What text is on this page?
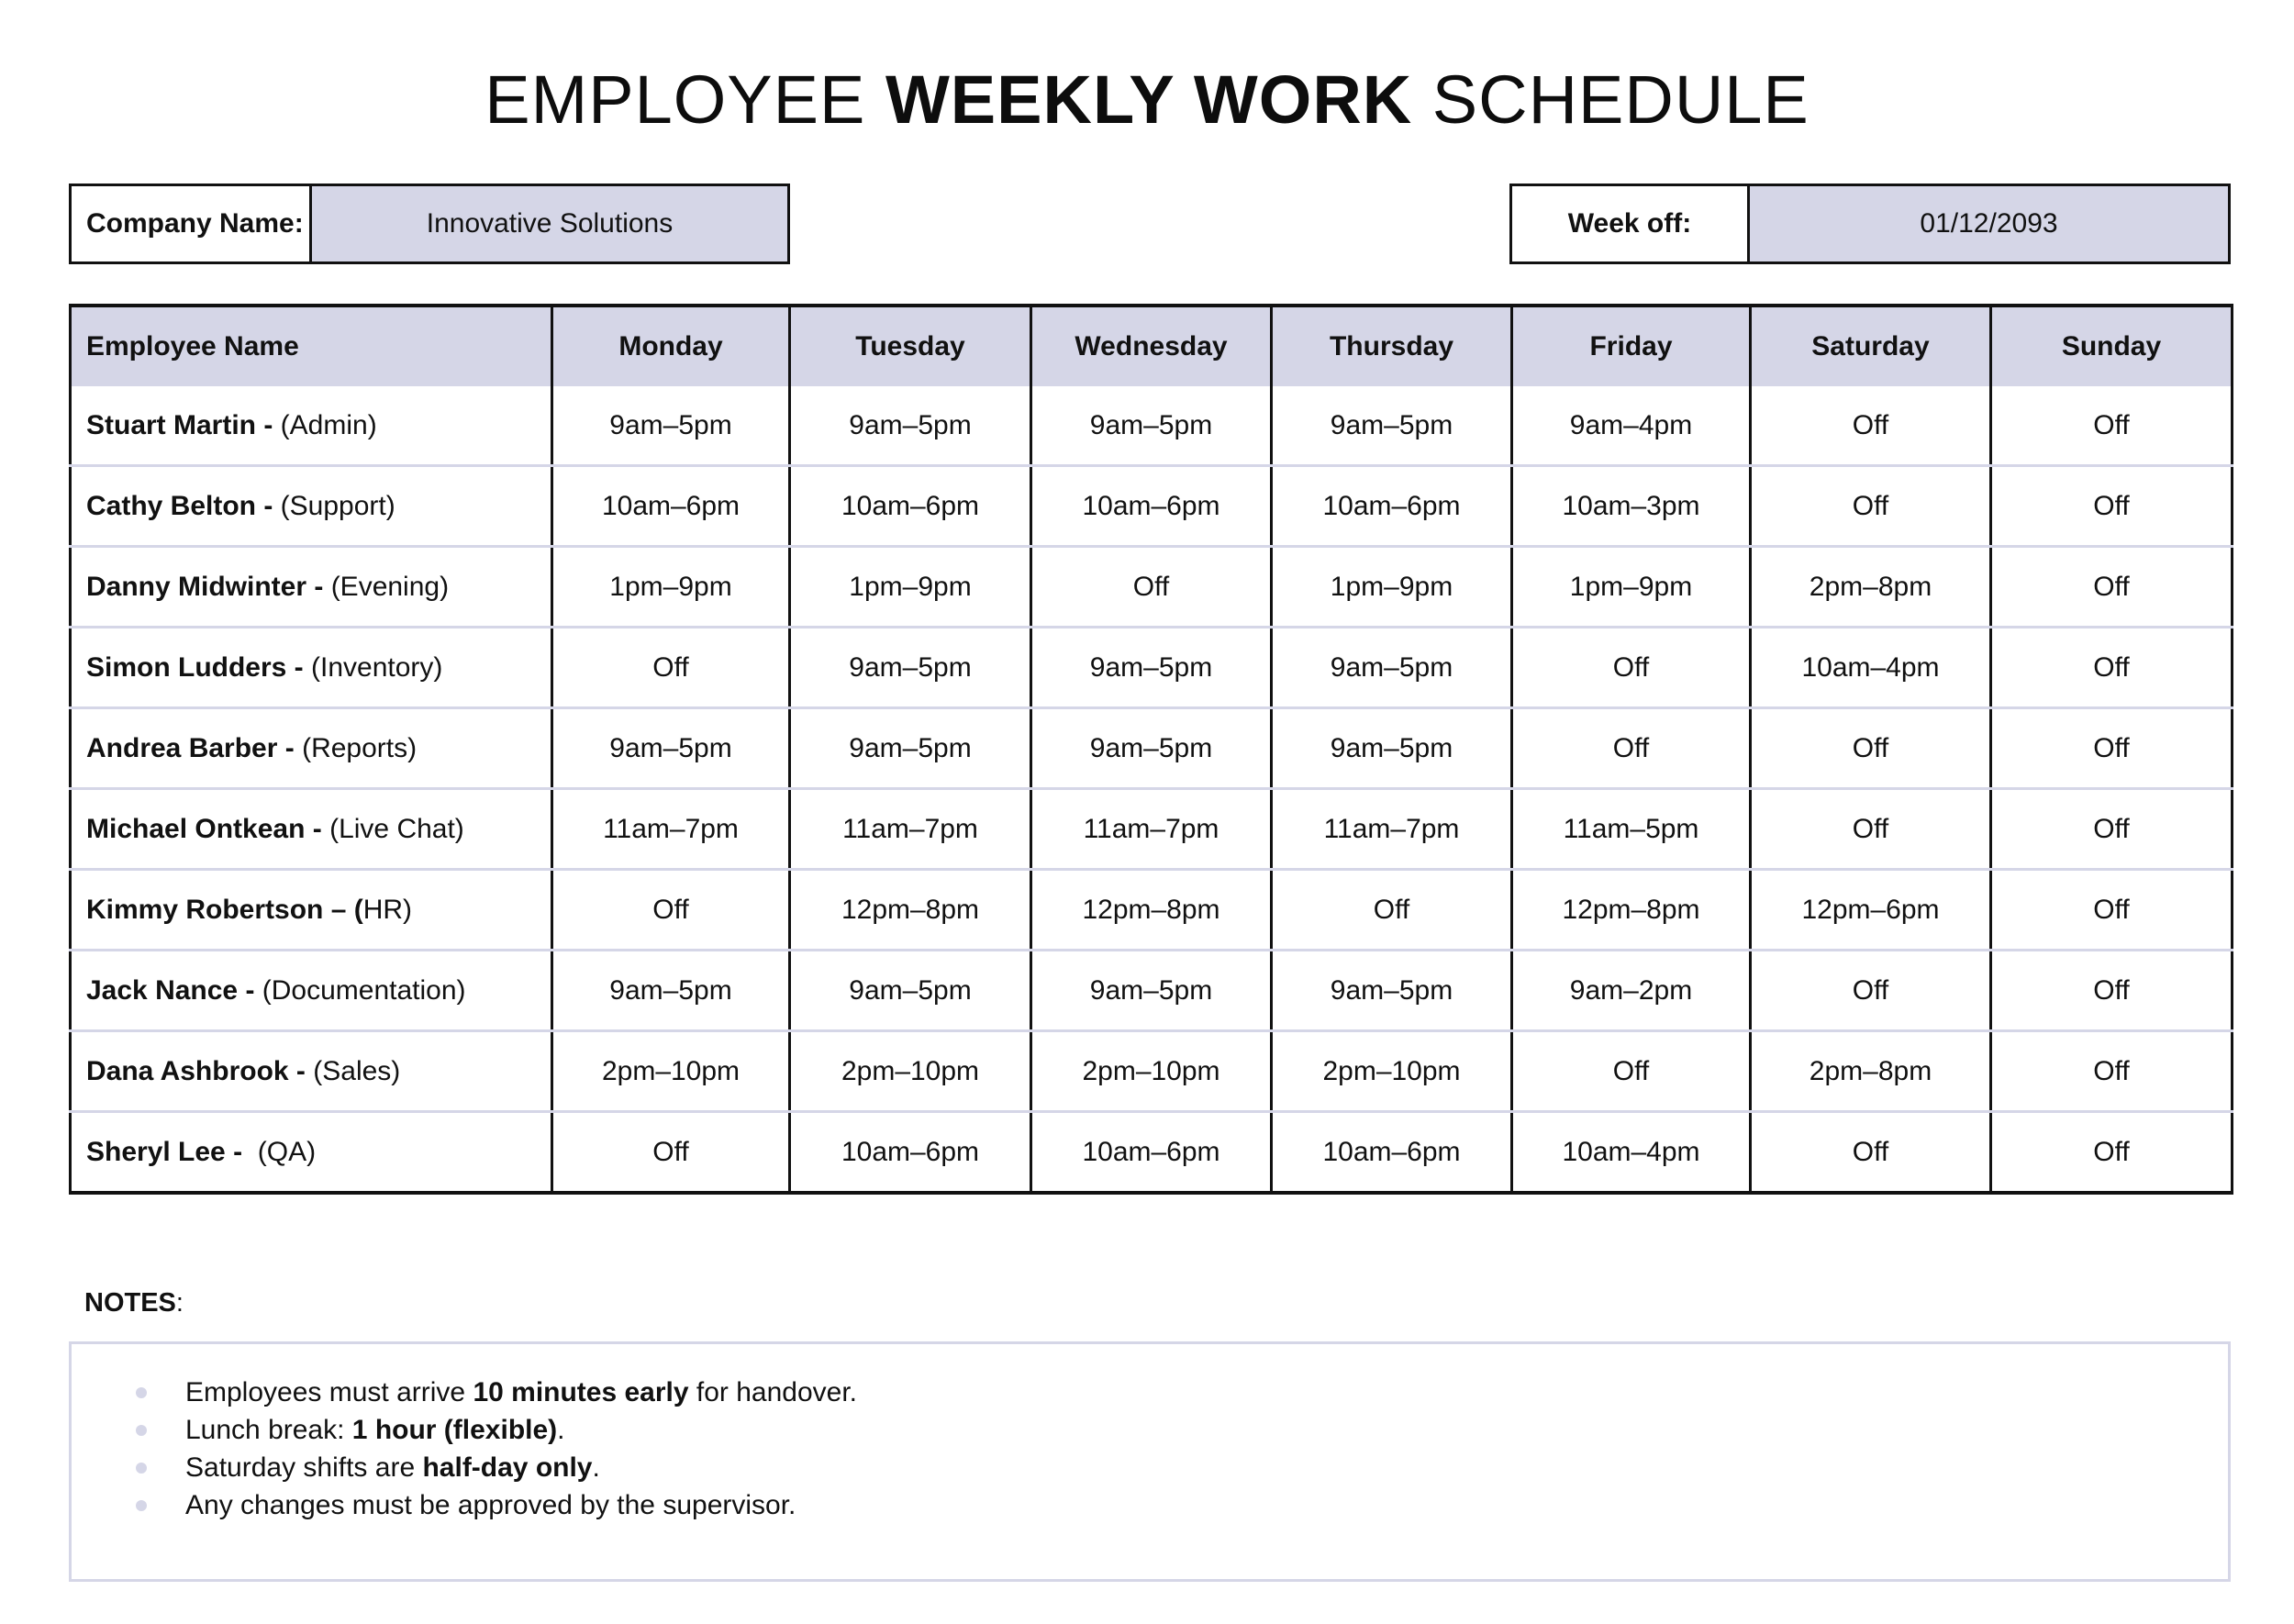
EMPLOYEE WEEKLY WORK SCHEDULE
Company Name:	Innovative Solutions	Week off:	01/12/2093
Employee Name	Monday	Tuesday	Wednesday	Thursday	Friday	Saturday	Sunday
Stuart Martin - (Admin)	9am–5pm	9am–5pm	9am–5pm	9am–5pm	9am–4pm	Off	Off
Cathy Belton - (Support)	10am–6pm	10am–6pm	10am–6pm	10am–6pm	10am–3pm	Off	Off
Danny Midwinter - (Evening)	1pm–9pm	1pm–9pm	Off	1pm–9pm	1pm–9pm	2pm–8pm	Off
Simon Ludders - (Inventory)	Off	9am–5pm	9am–5pm	9am–5pm	Off	10am–4pm	Off
Andrea Barber - (Reports)	9am–5pm	9am–5pm	9am–5pm	9am–5pm	Off	Off	Off
Michael Ontkean - (Live Chat)	11am–7pm	11am–7pm	11am–7pm	11am–7pm	11am–5pm	Off	Off
Kimmy Robertson – (HR)	Off	12pm–8pm	12pm–8pm	Off	12pm–8pm	12pm–6pm	Off
Jack Nance - (Documentation)	9am–5pm	9am–5pm	9am–5pm	9am–5pm	9am–2pm	Off	Off
Dana Ashbrook - (Sales)	2pm–10pm	2pm–10pm	2pm–10pm	2pm–10pm	Off	2pm–8pm	Off
Sheryl Lee -  (QA)	Off	10am–6pm	10am–6pm	10am–6pm	10am–4pm	Off	Off
NOTES:
Employees must arrive 10 minutes early for handover.
Lunch break: 1 hour (flexible).
Saturday shifts are half-day only.
Any changes must be approved by the supervisor.
